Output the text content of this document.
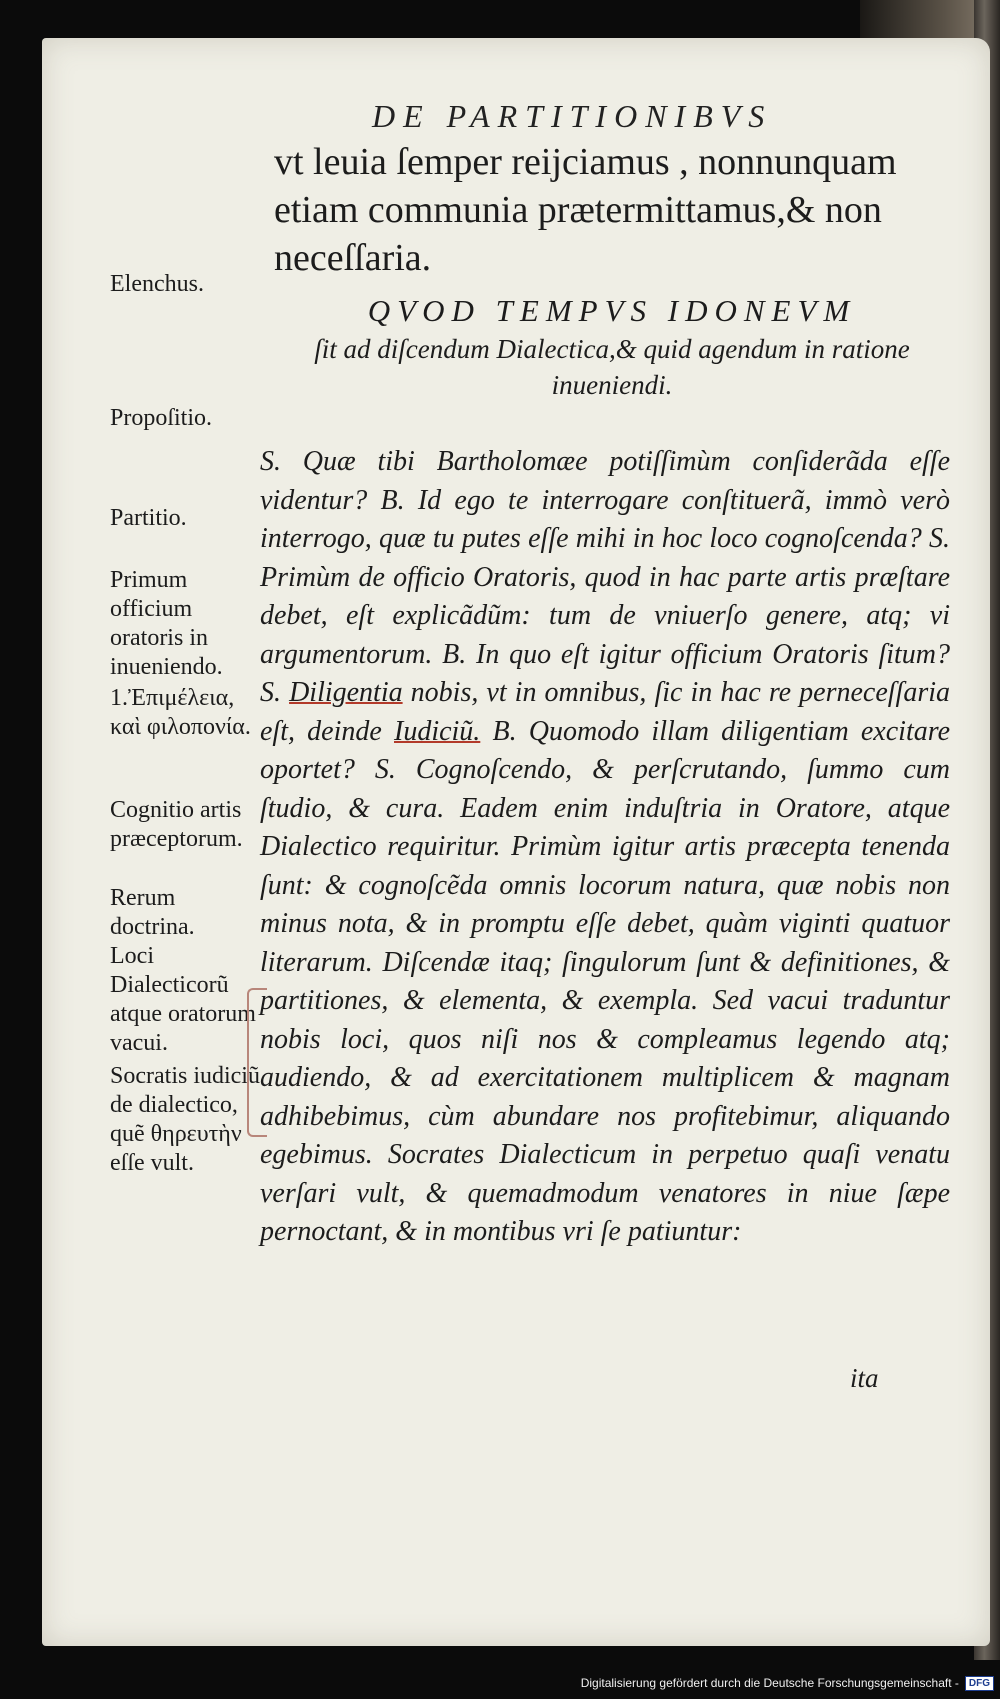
DE PARTITIONIBVS
vt leuia ſemper reijciamus , nonnunquam etiam communia prætermittamus,& non neceſſaria.
QVOD TEMPVS IDONEVM
ſit ad diſcendum Dialectica,& quid agendum in ratione inueniendi.
Elenchus.
Propoſitio.
Partitio.
Primum officium oratoris in inueniendo.
1.Ἐπιμέλεια, καὶ φιλοπονία.
Cognitio artis præceptorum.
Rerum doctrina.
Loci Dialecticorũ atque oratorum vacui.
Socratis iudiciũ de dialectico, quẽ θηρευτὴν eſſe vult.

S. Quæ tibi Bartholomæe potiſſimùm conſiderãda eſſe videntur? B. Id ego te interrogare conſtituerã, immò verò interrogo, quæ tu putes eſſe mihi in hoc loco cognoſcenda? S. Primùm de officio Oratoris, quod in hac parte artis præſtare debet, eſt explicãdũm: tum de vniuerſo genere, atq; vi argumentorum. B. In quo eſt igitur officium Oratoris ſitum? S. Diligentia nobis, vt in omnibus, ſic in hac re perneceſſaria eſt, deinde Iudiciũ. B. Quomodo illam diligentiam excitare oportet? S. Cognoſcendo, & perſcrutando, ſummo cum ſtudio, & cura. Eadem enim induſtria in Oratore, atque Dialectico requiritur. Primùm igitur artis præcepta tenenda ſunt: & cognoſcẽda omnis locorum natura, quæ nobis non minus nota, & in promptu eſſe debet, quàm viginti quatuor literarum. Diſcendæ itaq; ſingulorum ſunt & definitiones, & partitiones, & elementa, & exempla. Sed vacui traduntur nobis loci, quos niſi nos & compleamus legendo atq; audiendo, & ad exercitationem multiplicem & magnam adhibebimus, cùm abundare nos profitebimur, aliquando egebimus. Socrates Dialecticum in perpetuo quaſi venatu verſari vult, & quemadmodum venatores in niue ſæpe pernoctant, & in montibus vri ſe patiuntur:

ita
Digitalisierung gefördert durch die Deutsche Forschungsgemeinschaft -	DFG
